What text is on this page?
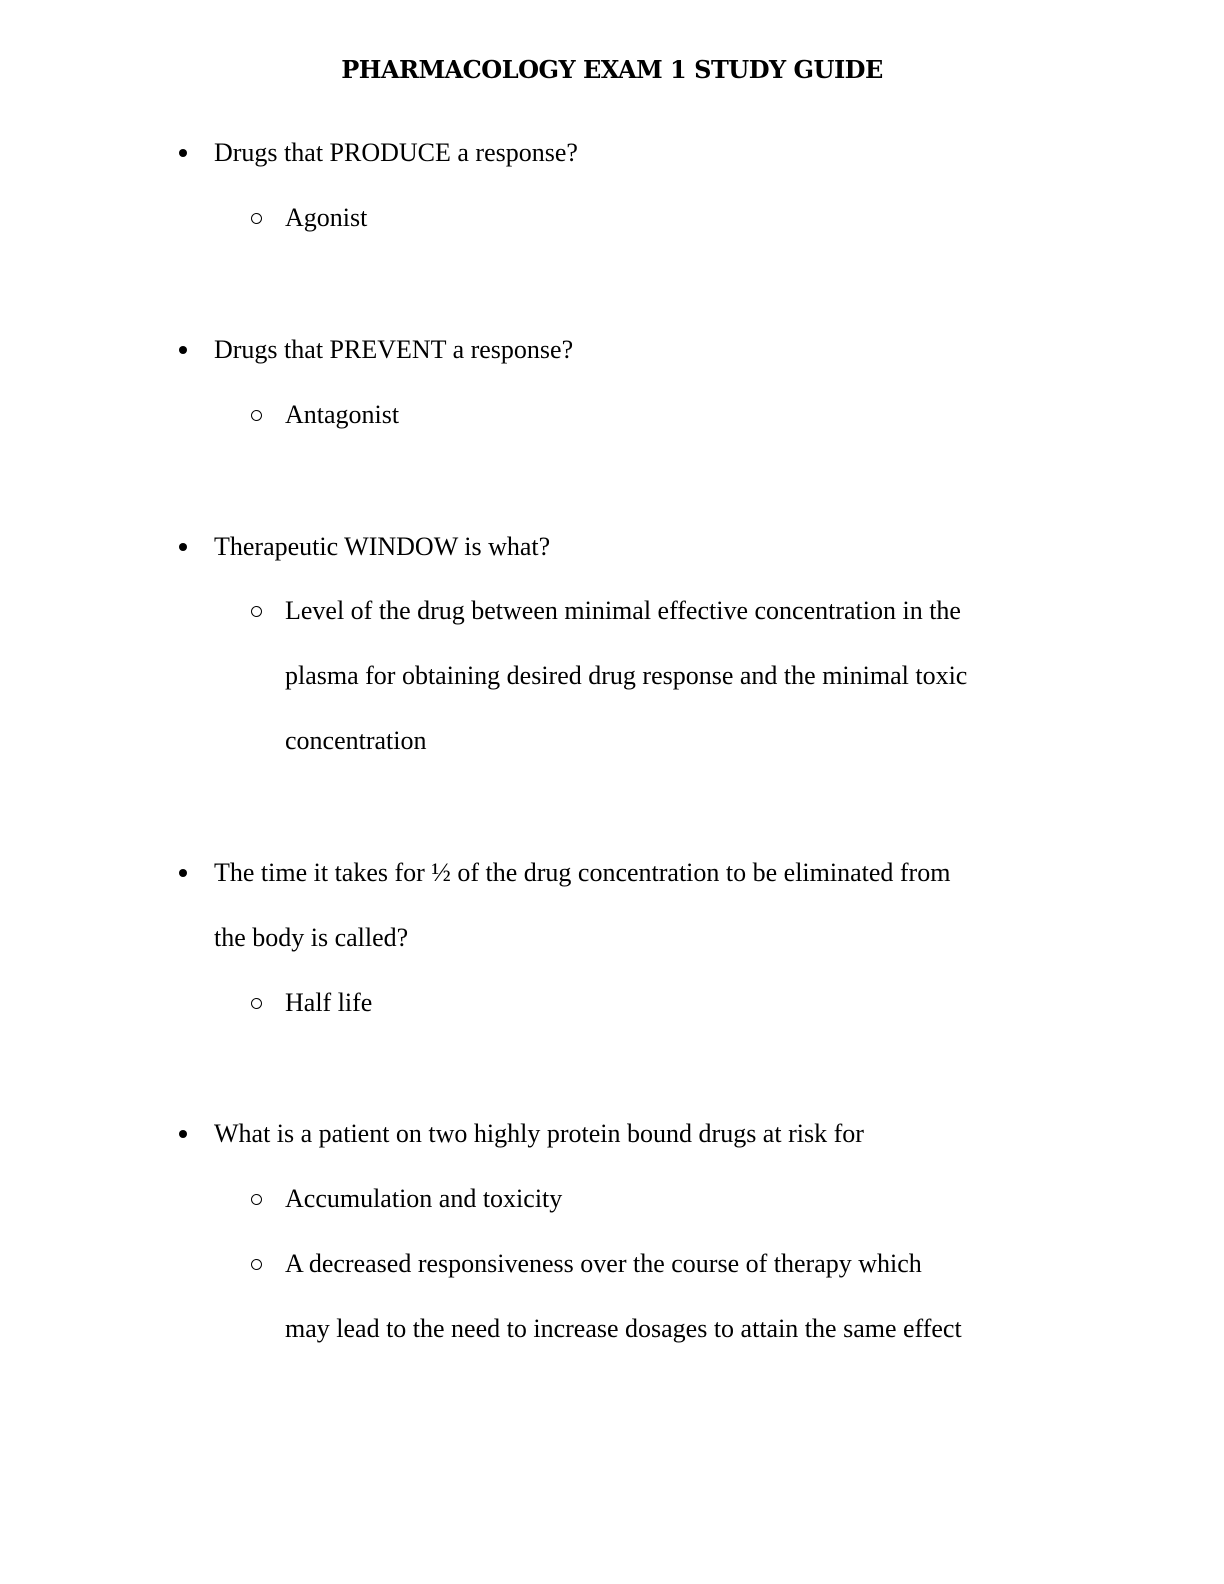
PHARMACOLOGY EXAM 1 STUDY GUIDE
Drugs that PRODUCE a response?
Agonist
Drugs that PREVENT a response?
Antagonist
Therapeutic WINDOW is what?
Level of the drug between minimal effective concentration in the
plasma for obtaining desired drug response and the minimal toxic
concentration
The time it takes for ½ of the drug concentration to be eliminated from
the body is called?
Half life
What is a patient on two highly protein bound drugs at risk for
Accumulation and toxicity
A decreased responsiveness over the course of therapy which
may lead to the need to increase dosages to attain the same effect
